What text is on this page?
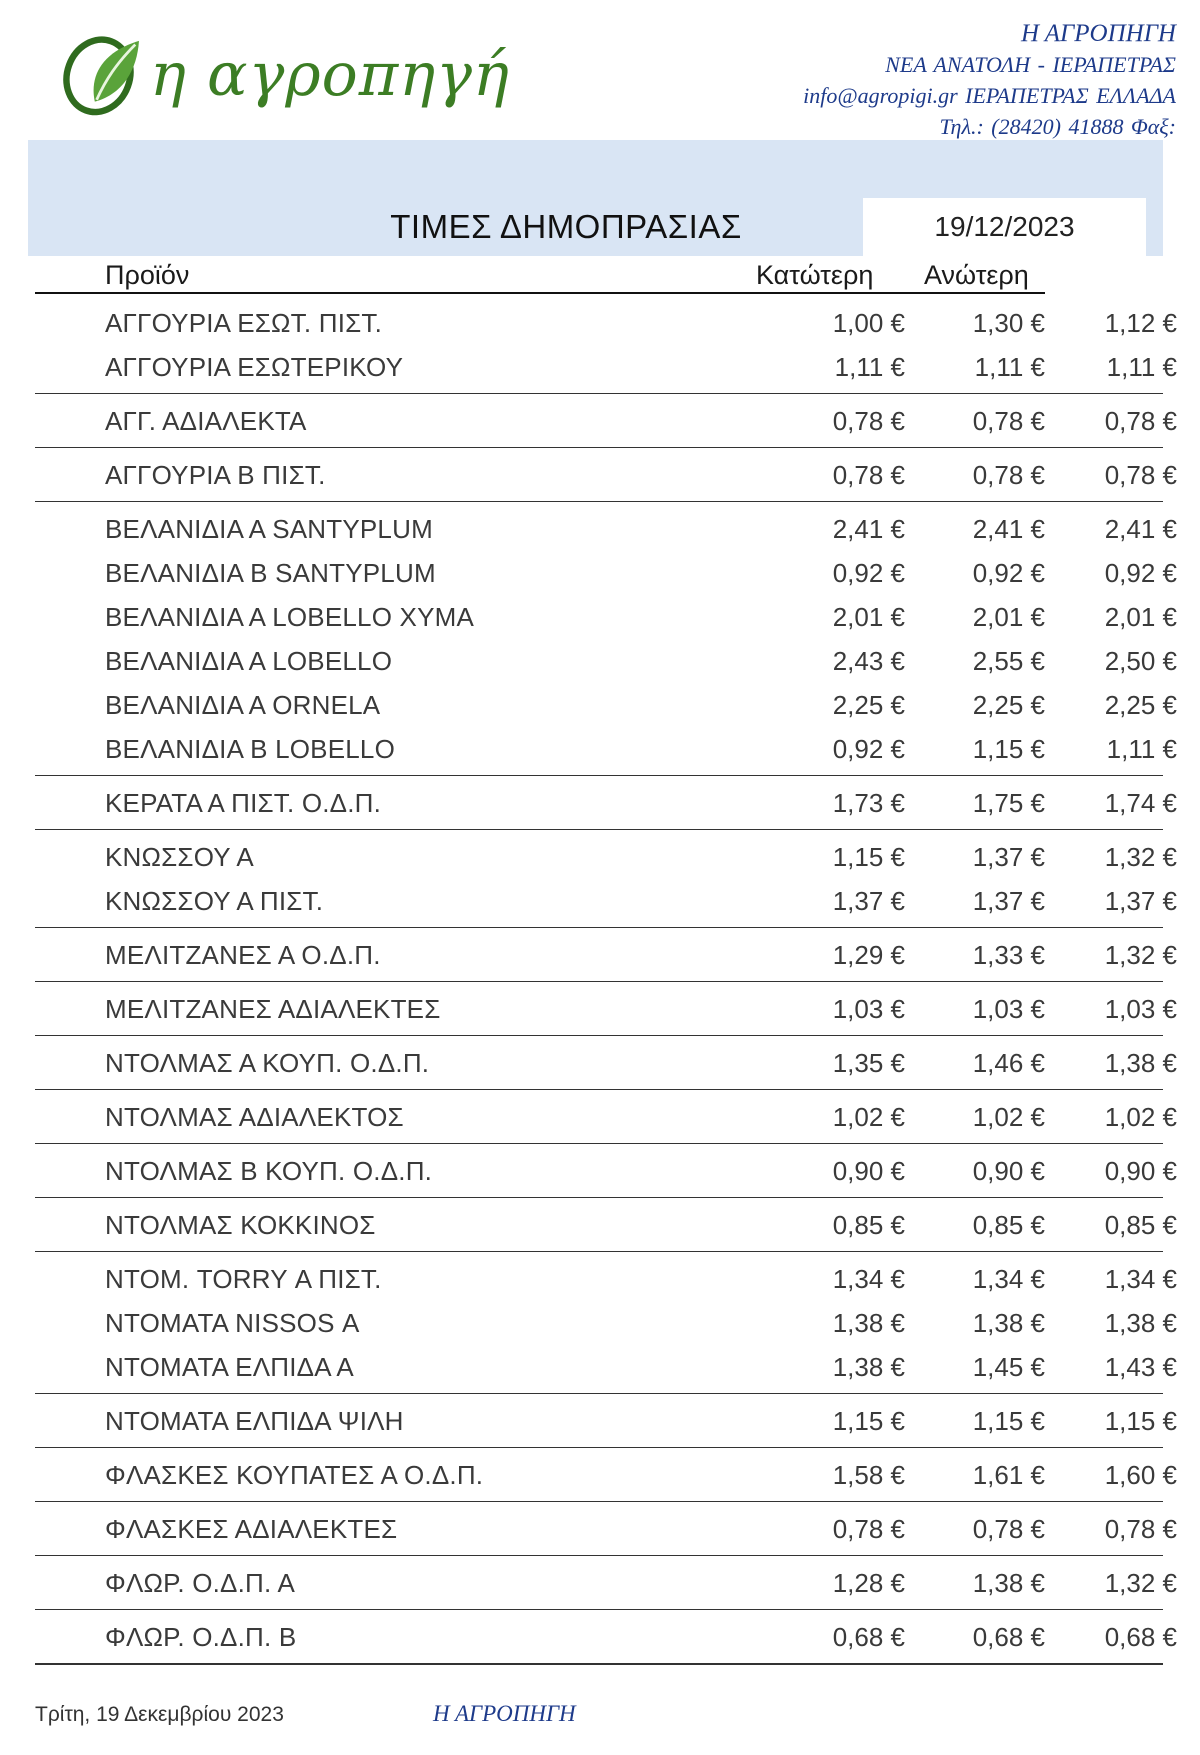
η αγροπηγή
Η ΑΓΡΟΠΗΓΗ
ΝΕΑ ΑΝΑΤΟΛΗ - ΙΕΡΑΠΕΤΡΑΣ
info@agropigi.gr ΙΕΡΑΠΕΤΡΑΣ ΕΛΛΑΔΑ
Τηλ.: (28420) 41888 Φαξ:
ΤΙΜΕΣ ΔΗΜΟΠΡΑΣΙΑΣ	19/12/2023
Προϊόν	Κατώτερη Ανώτερη
ΑΓΓΟΥΡΙΑ ΕΣΩΤ. ΠΙΣΤ.	1,00 €	1,30 € 1,12 €
ΑΓΓΟΥΡΙΑ ΕΣΩΤΕΡΙΚΟΥ	1,11 €	1,11 € 1,11 €
ΑΓΓ. ΑΔΙΑΛΕΚΤΑ	0,78 €	0,78 € 0,78 €
ΑΓΓΟΥΡΙΑ Β ΠΙΣΤ.	0,78 €	0,78 € 0,78 €
ΒΕΛΑΝΙΔΙΑ Α SANTYPLUM	2,41 €	2,41 € 2,41 €
ΒΕΛΑΝΙΔΙΑ Β SANTYPLUM	0,92 €	0,92 € 0,92 €
ΒΕΛΑΝΙΔΙΑ Α LOBELLO ΧΥΜΑ	2,01 €	2,01 € 2,01 €
ΒΕΛΑΝΙΔΙΑ Α LOBELLO	2,43 €	2,55 € 2,50 €
ΒΕΛΑΝΙΔΙΑ Α ORNELA	2,25 €	2,25 € 2,25 €
ΒΕΛΑΝΙΔΙΑ Β LOBELLO	0,92 €	1,15 € 1,11 €
ΚΕΡΑΤΑ Α ΠΙΣΤ. Ο.Δ.Π.	1,73 €	1,75 € 1,74 €
ΚΝΩΣΣΟΥ Α	1,15 €	1,37 € 1,32 €
ΚΝΩΣΣΟΥ Α ΠΙΣΤ.	1,37 €	1,37 € 1,37 €
ΜΕΛΙΤΖΑΝΕΣ Α Ο.Δ.Π.	1,29 €	1,33 € 1,32 €
ΜΕΛΙΤΖΑΝΕΣ ΑΔΙΑΛΕΚΤΕΣ	1,03 €	1,03 € 1,03 €
ΝΤΟΛΜΑΣ Α ΚΟΥΠ. Ο.Δ.Π.	1,35 €	1,46 € 1,38 €
ΝΤΟΛΜΑΣ ΑΔΙΑΛΕΚΤΟΣ	1,02 €	1,02 € 1,02 €
ΝΤΟΛΜΑΣ Β ΚΟΥΠ. Ο.Δ.Π.	0,90 €	0,90 € 0,90 €
ΝΤΟΛΜΑΣ ΚΟΚΚΙΝΟΣ	0,85 €	0,85 € 0,85 €
ΝΤΟΜ. TORRY Α ΠΙΣΤ.	1,34 €	1,34 € 1,34 €
ΝΤΟΜΑΤΑ NISSOS Α	1,38 €	1,38 € 1,38 €
ΝΤΟΜΑΤΑ ΕΛΠΙΔΑ Α	1,38 €	1,45 € 1,43 €
ΝΤΟΜΑΤΑ ΕΛΠΙΔΑ ΨΙΛΗ	1,15 €	1,15 € 1,15 €
ΦΛΑΣΚΕΣ ΚΟΥΠΑΤΕΣ Α Ο.Δ.Π.	1,58 €	1,61 € 1,60 €
ΦΛΑΣΚΕΣ ΑΔΙΑΛΕΚΤΕΣ	0,78 €	0,78 € 0,78 €
ΦΛΩΡ. Ο.Δ.Π. Α	1,28 €	1,38 € 1,32 €
ΦΛΩΡ. Ο.Δ.Π. Β	0,68 €	0,68 € 0,68 €
Τρίτη, 19 Δεκεμβρίου 2023	Η ΑΓΡΟΠΗΓΗ
